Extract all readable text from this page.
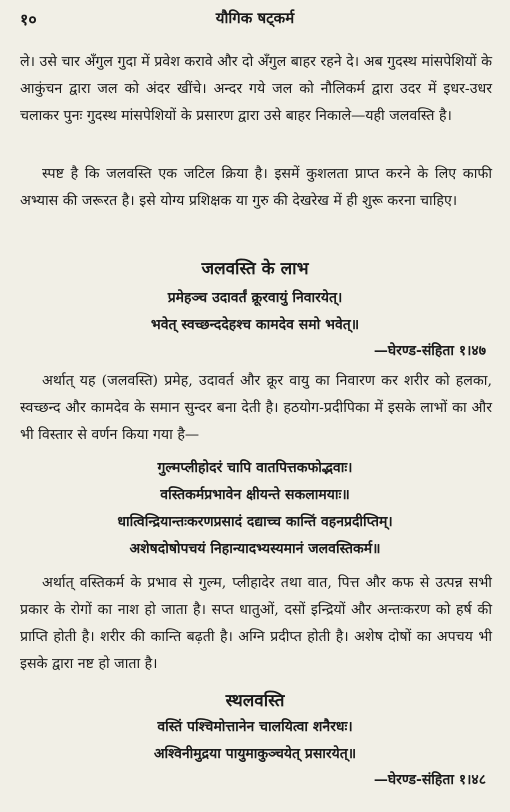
१०	यौगिक षट्कर्म

ले। उसे चार अँगुल गुदा में प्रवेश करावे और दो अँगुल बाहर रहने दे। अब गुदस्थ मांसपेशियों के आकुंचन द्वारा जल को अंदर खींचे। अन्दर गये जल को नौलिकर्म द्वारा उदर में इधर-उधर चलाकर पुनः गुदस्थ मांसपेशियों के प्रसारण द्वारा उसे बाहर निकाले—यही जलवस्ति है।

स्पष्ट है कि जलवस्ति एक जटिल क्रिया है। इसमें कुशलता प्राप्त करने के लिए काफी अभ्यास की जरूरत है। इसे योग्य प्रशिक्षक या गुरु की देखरेख में ही शुरू करना चाहिए।

जलवस्ति के लाभ

प्रमेहञ्च उदावर्तं क्रूरवायुं निवारयेत्।

भवेत् स्वच्छन्ददेहश्च कामदेव समो भवेत्॥

—घेरण्ड-संहिता १।४७

अर्थात् यह (जलवस्ति) प्रमेह, उदावर्त और क्रूर वायु का निवारण कर शरीर को हलका, स्वच्छन्द और कामदेव के समान सुन्दर बना देती है। हठयोग-प्रदीपिका में इसके लाभों का और भी विस्तार से वर्णन किया गया है—

गुल्मप्लीहोदरं चापि वातपित्तकफोद्भवाः।

वस्तिकर्मप्रभावेन क्षीयन्ते सकलामयाः॥

धात्विन्द्रियान्तःकरणप्रसादं दद्याच्च कान्तिं वहनप्रदीप्तिम्।

अशेषदोषोपचयं निहान्यादभ्यस्यमानं जलवस्तिकर्म॥

अर्थात् वस्तिकर्म के प्रभाव से गुल्म, प्लीहादेर तथा वात, पित्त और कफ से उत्पन्न सभी प्रकार के रोगों का नाश हो जाता है। सप्त धातुओं, दसों इन्द्रियों और अन्तःकरण को हर्ष की प्राप्ति होती है। शरीर की कान्ति बढ़ती है। अग्नि प्रदीप्त होती है। अशेष दोषों का अपचय भी इसके द्वारा नष्ट हो जाता है।

स्थलवस्ति

वस्तिं पश्चिमोत्तानेन चालयित्वा शनैरधः।

अश्विनीमुद्रया पायुमाकुञ्चयेत् प्रसारयेत्॥

—घेरण्ड-संहिता १।४८
